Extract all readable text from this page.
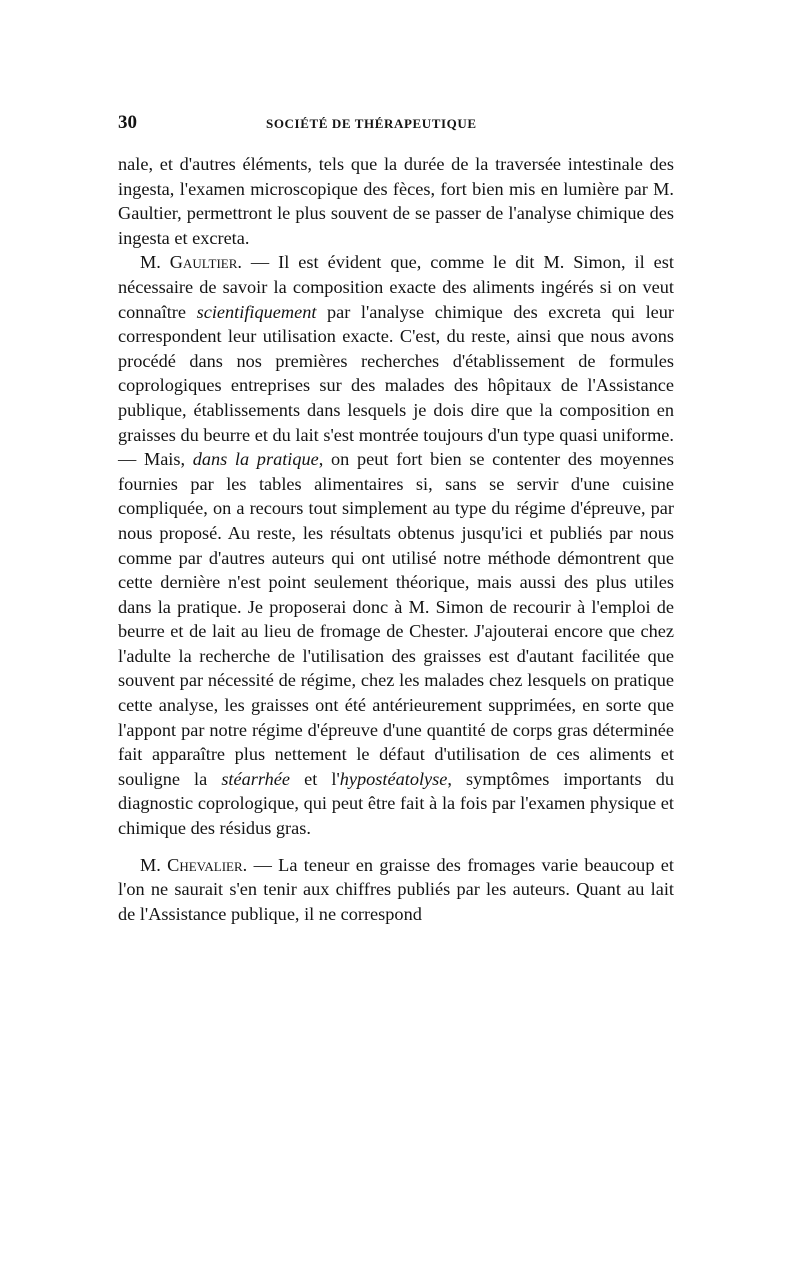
30	SOCIÉTÉ DE THÉRAPEUTIQUE

nale, et d'autres éléments, tels que la durée de la traversée intestinale des ingesta, l'examen microscopique des fèces, fort bien mis en lumière par M. Gaultier, permettront le plus souvent de se passer de l'analyse chimique des ingesta et excreta.

M. Gaultier. — Il est évident que, comme le dit M. Simon, il est nécessaire de savoir la composition exacte des aliments ingérés si on veut connaître scientifiquement par l'analyse chimique des excreta qui leur correspondent leur utilisation exacte. C'est, du reste, ainsi que nous avons procédé dans nos premières recherches d'établissement de formules coprologiques entreprises sur des malades des hôpitaux de l'Assistance publique, établissements dans lesquels je dois dire que la composition en graisses du beurre et du lait s'est montrée toujours d'un type quasi uniforme. — Mais, dans la pratique, on peut fort bien se contenter des moyennes fournies par les tables alimentaires si, sans se servir d'une cuisine compliquée, on a recours tout simplement au type du régime d'épreuve, par nous proposé. Au reste, les résultats obtenus jusqu'ici et publiés par nous comme par d'autres auteurs qui ont utilisé notre méthode démontrent que cette dernière n'est point seulement théorique, mais aussi des plus utiles dans la pratique. Je proposerai donc à M. Simon de recourir à l'emploi de beurre et de lait au lieu de fromage de Chester. J'ajouterai encore que chez l'adulte la recherche de l'utilisation des graisses est d'autant facilitée que souvent par nécessité de régime, chez les malades chez lesquels on pratique cette analyse, les graisses ont été antérieurement supprimées, en sorte que l'appont par notre régime d'épreuve d'une quantité de corps gras déterminée fait apparaître plus nettement le défaut d'utilisation de ces aliments et souligne la stéarrhée et l'hypostéatolyse, symptômes importants du diagnostic coprologique, qui peut être fait à la fois par l'examen physique et chimique des résidus gras.

M. Chevalier. — La teneur en graisse des fromages varie beaucoup et l'on ne saurait s'en tenir aux chiffres publiés par les auteurs. Quant au lait de l'Assistance publique, il ne correspond
